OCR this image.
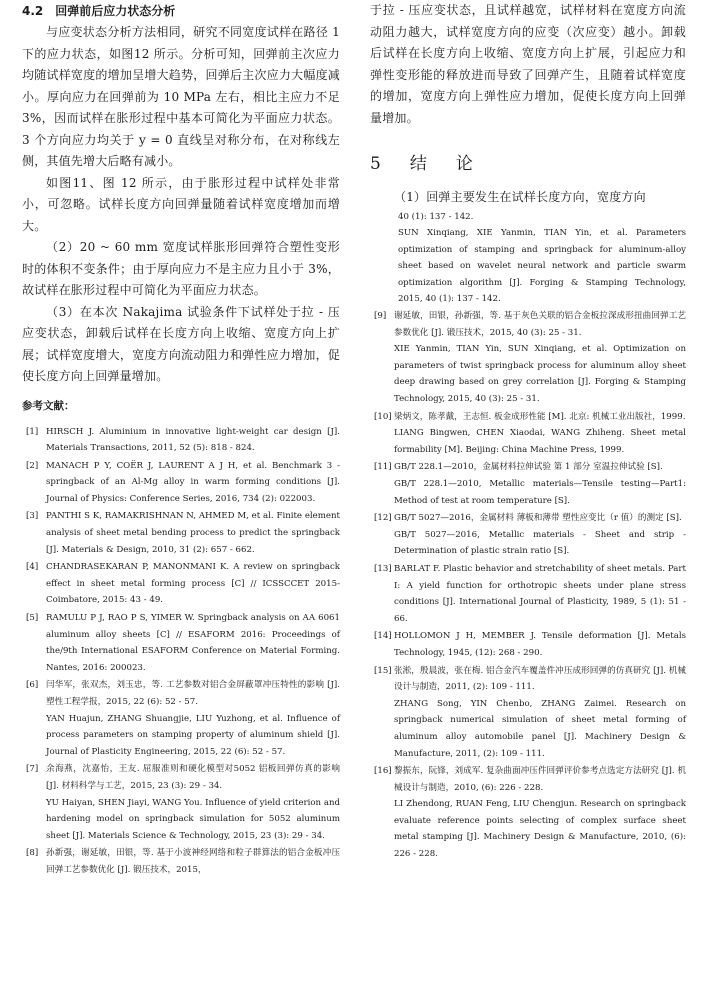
4.2　回弹前后应力状态分析

与应变状态分析方法相同，研究不同宽度试样在路径 1 下的应力状态，如图12 所示。分析可知，回弹前主次应力均随试样宽度的增加呈增大趋势，回弹后主次应力大幅度减小。厚向应力在回弹前为 10 MPa 左右，相比主应力不足 3%，因而试样在胀形过程中基本可简化为平面应力状态。3 个方向应力均关于 y = 0 直线呈对称分布，在对称线左侧，其值先增大后略有减小。

如图11、图 12 所示，由于胀形过程中试样处非常小，可忽略。试样长度方向回弹量随着试样宽度增加而增大。

（2）20 ~ 60 mm 宽度试样胀形回弹符合塑性变形时的体积不变条件；由于厚向应力不是主应力且小于 3%，故试样在胀形过程中可简化为平面应力状态。

（3）在本次 Nakajima 试验条件下试样处于拉 - 压应变状态，卸载后试样在长度方向上收缩、宽度方向上扩展；试样宽度增大，宽度方向流动阻力和弹性应力增加，促使长度方向上回弹量增加。

参考文献：

[1] HIRSCH J. Aluminium in innovative light-weight car design [J]. Materials Transactions, 2011, 52 (5): 818 - 824.
[2] MANACH P Y, COËR J, LAURENT A J H, et al. Benchmark 3 - springback of an Al-Mg alloy in warm forming conditions [J]. Journal of Physics: Conference Series, 2016, 734 (2): 022003.
[3] PANTHI S K, RAMAKRISHNAN N, AHMED M, et al. Finite element analysis of sheet metal bending process to predict the springback [J]. Materials & Design, 2010, 31 (2): 657 - 662.
[4] CHANDRASEKARAN P, MANONMANI K. A review on springback effect in sheet metal forming process [C] // ICSSCCET 2015-Coimbatore, 2015: 43 - 49.
[5] RAMULU P J, RAO P S, YIMER W. Springback analysis on AA 6061 aluminum alloy sheets [C] // ESAFORM 2016: Proceedings of the/9th International ESAFORM Conference on Material Forming. Nantes, 2016: 200023.
[6] 闫华军，张双杰，刘玉忠，等. 工艺参数对铝合金屏蔽罩冲压特性的影响 [J]. 塑性工程学报，2015, 22 (6): 52 - 57.
YAN Huajun, ZHANG Shuangjie, LIU Yuzhong, et al. Influence of process parameters on stamping property of aluminum shield [J]. Journal of Plasticity Engineering, 2015, 22 (6): 52 - 57.
[7] 余海燕，沈嘉怡，王友. 屈服准则和硬化模型对5052 铝板回弹仿真的影响 [J]. 材料科学与工艺，2015, 23 (3): 29 - 34.
YU Haiyan, SHEN Jiayi, WANG You. Influence of yield criterion and hardening model on springback simulation for 5052 aluminum sheet [J]. Materials Science & Technology, 2015, 23 (3): 29 - 34.
[8] 孙新强，谢延敏，田银，等. 基于小波神经网络和粒子群算法的铝合金板冲压回弹工艺参数优化 [J]. 锻压技术，2015，

于拉 - 压应变状态，且试样越宽，试样材料在宽度方向流动阻力越大，试样宽度方向的应变（次应变）越小。卸载后试样在长度方向上收缩、宽度方向上扩展，引起应力和弹性变形能的释放进而导致了回弹产生，且随着试样宽度的增加，宽度方向上弹性应力增加，促使长度方向上回弹量增加。

5　结　论

（1）回弹主要发生在试样长度方向，宽度方向

40 (1): 137 - 142.
SUN Xinqiang, XIE Yanmin, TIAN Yin, et al. Parameters optimization of stamping and springback for aluminum-alloy sheet based on wavelet neural network and particle swarm optimization algorithm [J]. Forging & Stamping Technology, 2015, 40 (1): 137 - 142.
[9] 谢延敏，田银，孙新强，等. 基于灰色关联的铝合金板拉深成形扭曲回弹工艺参数优化 [J]. 锻压技术，2015, 40 (3): 25 - 31.
XIE Yanmin, TIAN Yin, SUN Xinqiang, et al. Optimization on parameters of twist springback process for aluminum alloy sheet deep drawing based on grey correlation [J]. Forging & Stamping Technology, 2015, 40 (3): 25 - 31.
[10] 梁炳文，陈孝戴，王志恒. 板金成形性能 [M]. 北京: 机械工业出版社，1999.
LIANG Bingwen, CHEN Xiaodai, WANG Zhiheng. Sheet metal formability [M]. Beijing: China Machine Press, 1999.
[11] GB/T 228.1—2010，金属材料拉伸试验 第 1 部分 室温拉伸试验 [S].
GB/T 228.1—2010, Metallic materials—Tensile testing—Part1: Method of test at room temperature [S].
[12] GB/T 5027—2016，金属材料 薄板和薄带 塑性应变比（r 值）的测定 [S].
GB/T 5027—2016, Metallic materials - Sheet and strip - Determination of plastic strain ratio [S].
[13] BARLAT F. Plastic behavior and stretchability of sheet metals. Part I: A yield function for orthotropic sheets under plane stress conditions [J]. International Journal of Plasticity, 1989, 5 (1): 51 - 66.
[14] HOLLOMON J H, MEMBER J. Tensile deformation [J]. Metals Technology, 1945, (12): 268 - 290.
[15] 张淞，殷晨波，张在梅. 铝合金汽车覆盖件冲压成形回弹的仿真研究 [J]. 机械设计与制造，2011, (2): 109 - 111.
ZHANG Song, YIN Chenbo, ZHANG Zaimei. Research on springback numerical simulation of sheet metal forming of aluminum alloy automobile panel [J]. Machinery Design & Manufacture, 2011, (2): 109 - 111.
[16] 黎振东，阮锋，刘成军. 复杂曲面冲压件回弹评价参考点选定方法研究 [J]. 机械设计与制造，2010, (6): 226 - 228.
LI Zhendong, RUAN Feng, LIU Chengjun. Research on springback evaluate reference points selecting of complex surface sheet metal stamping [J]. Machinery Design & Manufacture, 2010, (6): 226 - 228.
